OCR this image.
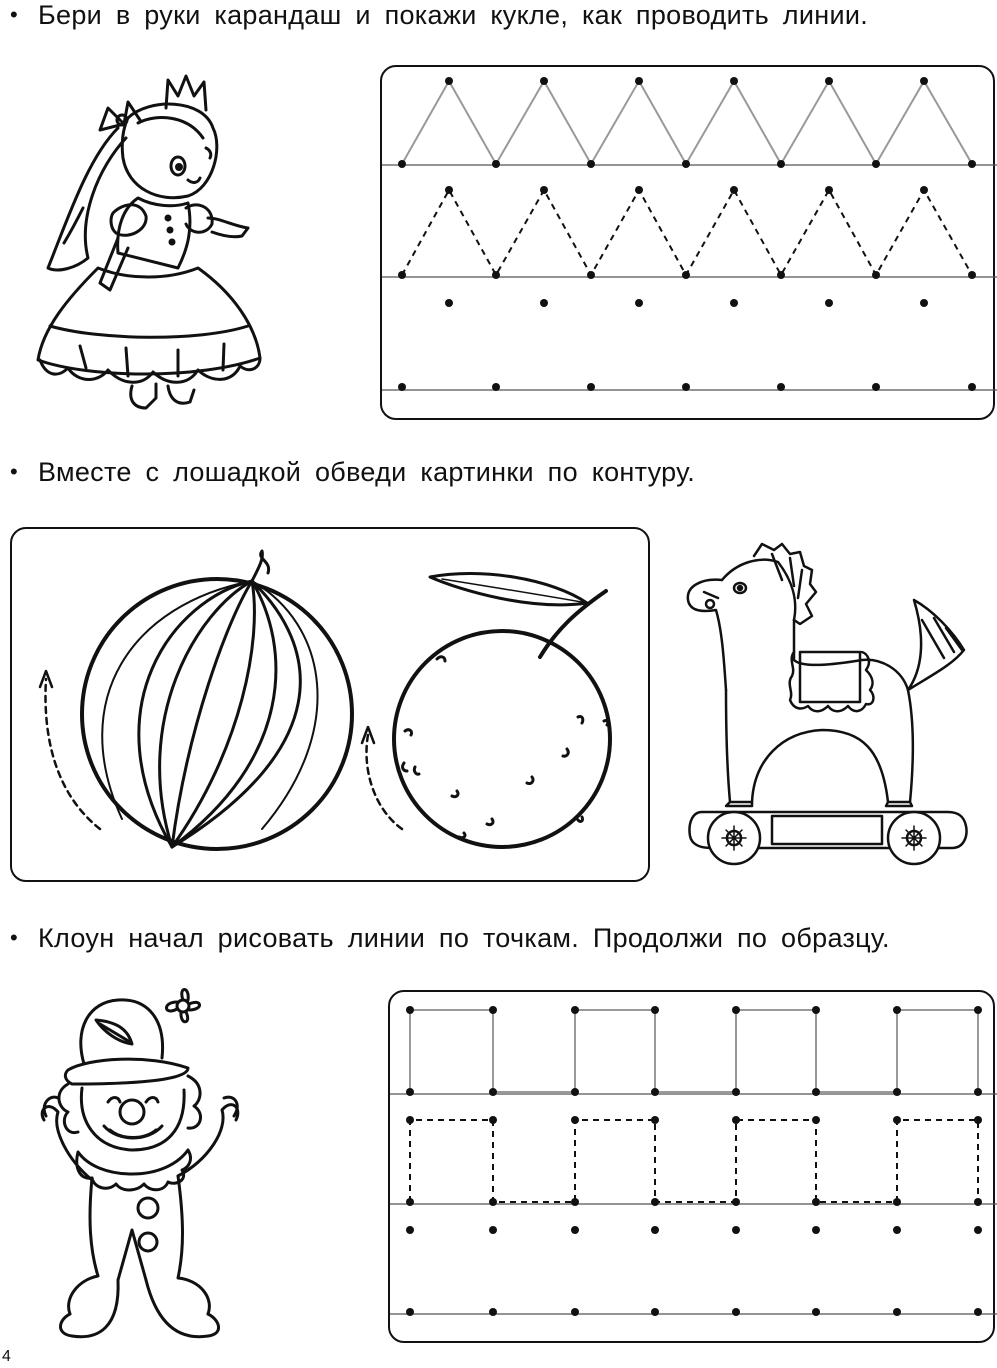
• Бери в руки карандаш и покажи кукле, как проводить линии.
• Вместе с лошадкой обведи картинки по контуру.
• Клоун начал рисовать линии по точкам. Продолжи по образцу.
4
